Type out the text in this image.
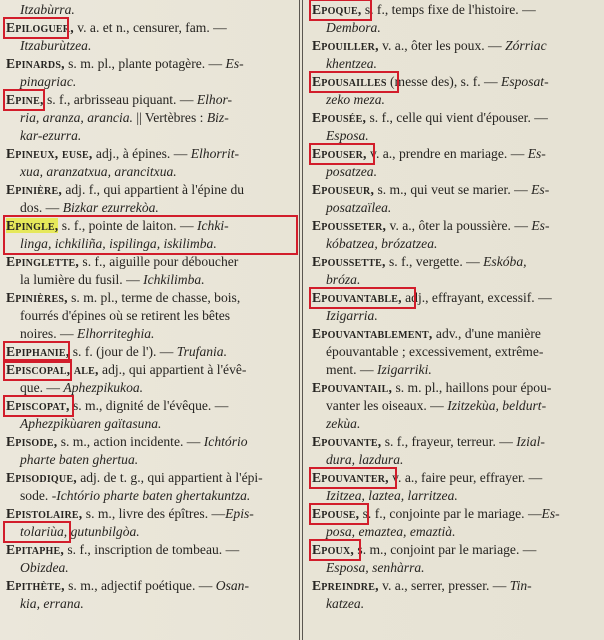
Itzabùrra.
Epiloguer, v. a. et n., censurer, fam. —
Itzaburùtzea.
Epinards, s. m. pl., plante potagère. — Es-
pinagriac.
Epine, s. f., arbrisseau piquant. — Elhor-
ria, aranza, arancia. || Vertèbres : Biz-
kar-ezurra.
Epineux, euse, adj., à épines. — Elhorrit-
xua, aranzatxua, arancitxua.
Epinière, adj. f., qui appartient à l'épine du
dos. — Bizkar ezurrekòa.
Epingle, s. f., pointe de laiton. — Ichki-
linga, ichkiliña, ispilinga, iskilimba.
Epinglette, s. f., aiguille pour déboucher
la lumière du fusil. — Ichkilimba.
Epinières, s. m. pl., terme de chasse, bois,
fourrés d'épines où se retirent les bêtes
noires. — Elhorriteghia.
Epiphanie, s. f. (jour de l'). — Trufania.
Episcopal, ale, adj., qui appartient à l'évê-
que. — Aphezpikukoa.
Episcopat, s. m., dignité de l'évêque. —
Aphezpikùaren gaïtasuna.
Episode, s. m., action incidente. — Ichtório
pharte baten ghertua.
Episodique, adj. de t. g., qui appartient à l'épi-
sode. -Ichtório pharte baten ghertakuntza.
Epistolaire, s. m., livre des épîtres. —Epis-
tolariùa, gutunbilgòa.
Epitaphe, s. f., inscription de tombeau. —
Obizdea.
Epithète, s. m., adjectif poétique. — Osan-
kia, errana.
Epoque, s. f., temps fixe de l'histoire. —
Dembora.
Epouiller, v. a., ôter les poux. — Zórriac
khentzea.
Epousailles (messe des), s. f. — Esposat-
zeko meza.
Epousée, s. f., celle qui vient d'épouser. —
Esposa.
Epouser, v. a., prendre en mariage. — Es-
posatzea.
Epouseur, s. m., qui veut se marier. — Es-
posatzaïlea.
Epousseter, v. a., ôter la poussière. — Es-
kóbatzea, brózatzea.
Epoussette, s. f., vergette. — Eskóba,
bróza.
Epouvantable, adj., effrayant, excessif. —
Izigarria.
Epouvantablement, adv., d'une manière
épouvantable ; excessivement, extrême-
ment. — Izigarriki.
Epouvantail, s. m. pl., haillons pour épou-
vanter les oiseaux. — Izitzekùa, beldurt-
zekùa.
Epouvante, s. f., frayeur, terreur. — Izial-
dura, lazdura.
Epouvanter, v. a., faire peur, effrayer. —
Izitzea, laztea, larritzea.
Epouse, s. f., conjointe par le mariage. —Es-
posa, emaztea, emaztià.
Epoux, s. m., conjoint par le mariage. —
Esposa, senhàrra.
Epreindre, v. a., serrer, presser. — Tin-
katzea.
